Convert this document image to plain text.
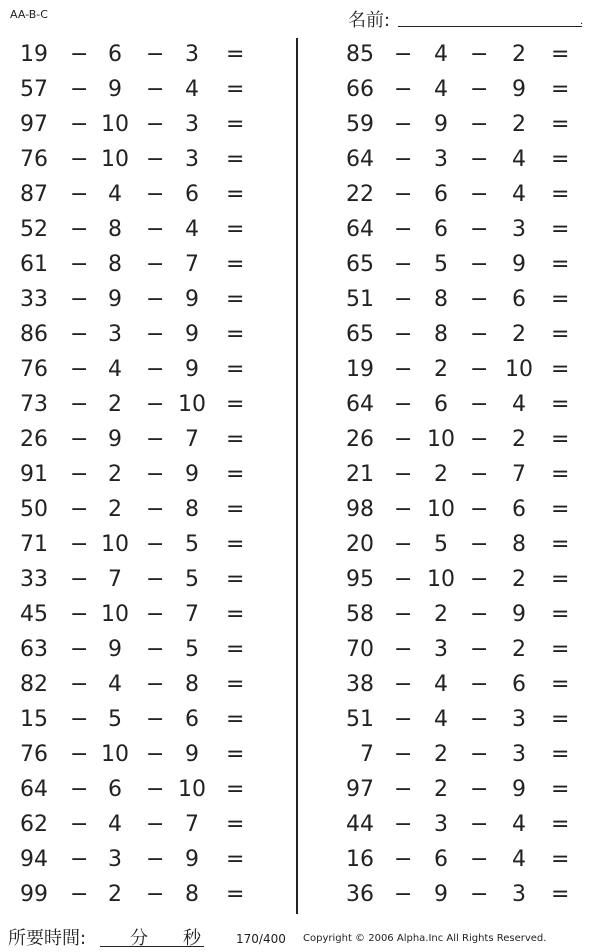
AA-B-C	名前:	.
19 − 6	− 3	=
57 − 9	− 4	=
97 − 10 − 3	=
76 − 10 − 3	=
87 − 4	− 6	=
52 − 8	− 4	=
61 − 8	− 7	=
33 − 9	− 9	=
86 − 3	− 9	=
76 − 4	− 9	=
73 − 2	− 10 =
26 − 9	− 7	=
91 − 2	− 9	=
50 − 2	− 8	=
71 − 10 − 5	=
33 − 7	− 5	=
45 − 10 − 7	=
63 − 9	− 5	=
82 − 4	− 8	=
15 − 5	− 6	=
76 − 10 − 9	=
64 − 6	− 10 =
62 − 4	− 7	=
94 − 3	− 9	=
99 − 2	− 8	=
85 − 4	−	2	=
66 − 4	−	9	=
59 − 9	−	2	=
64 − 3	−	4	=
22 − 6	−	4	=
64 − 6	−	3	=
65 − 5	−	9	=
51 − 8	−	6	=
65 − 8	−	2	=
19 − 2	− 10 =
64 − 6	−	4	=
26 − 10 −	2	=
21 − 2	−	7	=
98 − 10 −	6	=
20 − 5	−	8	=
95 − 10 −	2	=
58 − 2	−	9	=
70 − 3	−	2	=
38 − 4	−	6	=
51 − 4	−	3	=
7 − 2	−	3	=
97 − 2	−	9	=
44 − 3	−	4	=
16 − 6	−	4	=
36 − 9	−	3	=
所要時間: 分 秒	170/400 Copyright © 2006 Alpha.Inc All Rights Reserved.
